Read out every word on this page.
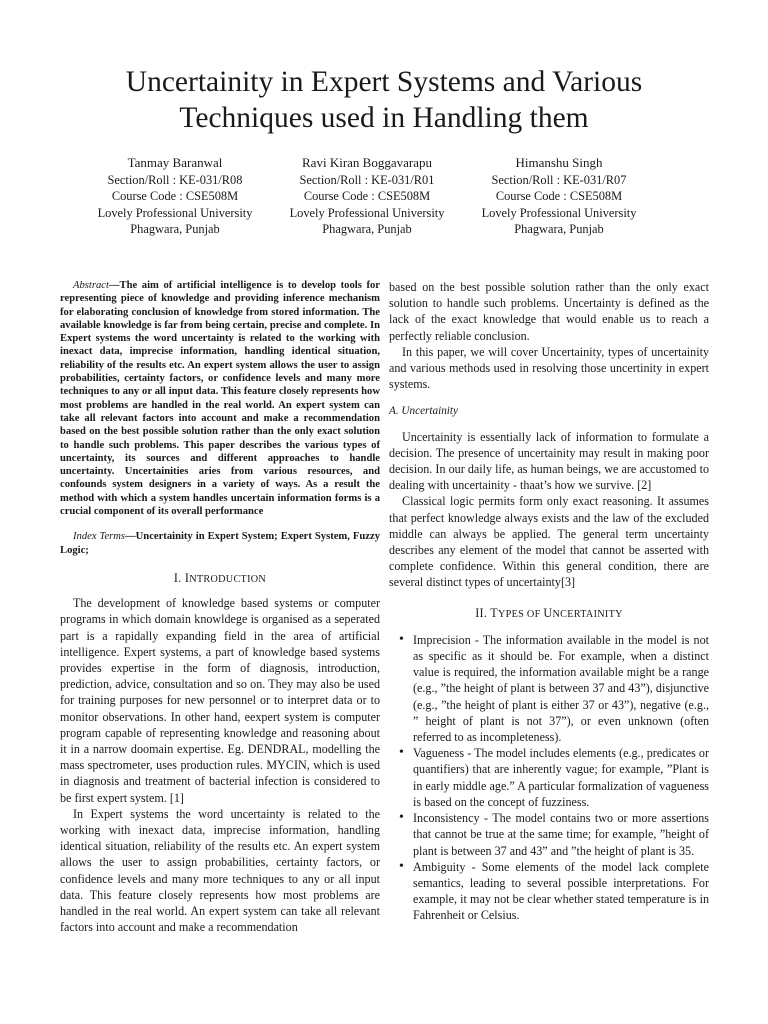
Uncertainity in Expert Systems and Various
Techniques used in Handling them
Tanmay Baranwal
Section/Roll : KE-031/R08
Course Code : CSE508M
Lovely Professional University
Phagwara, Punjab
Ravi Kiran Boggavarapu
Section/Roll : KE-031/R01
Course Code : CSE508M
Lovely Professional University
Phagwara, Punjab
Himanshu Singh
Section/Roll : KE-031/R07
Course Code : CSE508M
Lovely Professional University
Phagwara, Punjab

Abstract—The aim of artificial intelligence is to develop tools for representing piece of knowledge and providing inference mechanism for elaborating conclusion of knowledge from stored information. The available knowledge is far from being certain, precise and complete. In Expert systems the word uncertainty is related to the working with inexact data, imprecise information, handling identical situation, reliability of the results etc. An expert system allows the user to assign probabilities, certainty factors, or confidence levels and many more techniques to any or all input data. This feature closely represents how most problems are handled in the real world. An expert system can take all relevant factors into account and make a recommendation based on the best possible solution rather than the only exact solution to handle such problems. This paper describes the various types of uncertainty, its sources and different approaches to handle uncertainty. Uncertainities aries from various resources, and confounds system designers in a variety of ways. As a result the method with which a system handles uncertain information forms is a crucial component of its overall performance

Index Terms—Uncertainity in Expert System; Expert System, Fuzzy Logic;

I. INTRODUCTION

The development of knowledge based systems or computer programs in which domain knowldege is organised as a seperated part is a rapidally expanding field in the area of artificial intelligence. Expert systems, a part of knowledge based systems provides expertise in the form of diagnosis, introduction, prediction, advice, consultation and so on. They may also be used for training purposes for new personnel or to interpret data or to monitor observations. In other hand, eexpert system is computer program capable of representing knowledge and reasoning about it in a narrow doomain expertise. Eg. DENDRAL, modelling the mass spectrometer, uses production rules. MYCIN, which is used in diagnosis and treatment of bacterial infection is considered to be first expert system. [1]

In Expert systems the word uncertainty is related to the working with inexact data, imprecise information, handling identical situation, reliability of the results etc. An expert system allows the user to assign probabilities, certainty factors, or confidence levels and many more techniques to any or all input data. This feature closely represents how most problems are handled in the real world. An expert system can take all relevant factors into account and make a recommendation

based on the best possible solution rather than the only exact solution to handle such problems. Uncertainty is defined as the lack of the exact knowledge that would enable us to reach a perfectly reliable conclusion.

In this paper, we will cover Uncertainity, types of uncertainity and various methods used in resolving those uncertinity in expert systems.

A. Uncertainity

Uncertainity is essentially lack of information to formulate a decision. The presence of uncertainity may result in making poor decision. In our daily life, as human beings, we are accustomed to dealing with uncertainity - thaat’s how we survive. [2]

Classical logic permits form only exact reasoning. It assumes that perfect knowledge always exists and the law of the excluded middle can always be applied. The general term uncertainty describes any element of the model that cannot be asserted with complete confidence. Within this general condition, there are several distinct types of uncertainty[3]

II. TYPES OF UNCERTAINITY
• Imprecision - The information available in the model is not as specific as it should be. For example, when a distinct value is required, the information available might be a range (e.g., ”the height of plant is between 37 and 43”), disjunctive (e.g., ”the height of plant is either 37 or 43”), negative (e.g., ” height of plant is not 37”), or even unknown (often referred to as incompleteness).
• Vagueness - The model includes elements (e.g., predicates or quantifiers) that are inherently vague; for example, ”Plant is in early middle age.” A particular formalization of vagueness is based on the concept of fuzziness.
• Inconsistency - The model contains two or more assertions that cannot be true at the same time; for example, ”height of plant is between 37 and 43” and ”the height of plant is 35.
• Ambiguity - Some elements of the model lack complete semantics, leading to several possible interpretations. For example, it may not be clear whether stated temperature is in Fahrenheit or Celsius.
